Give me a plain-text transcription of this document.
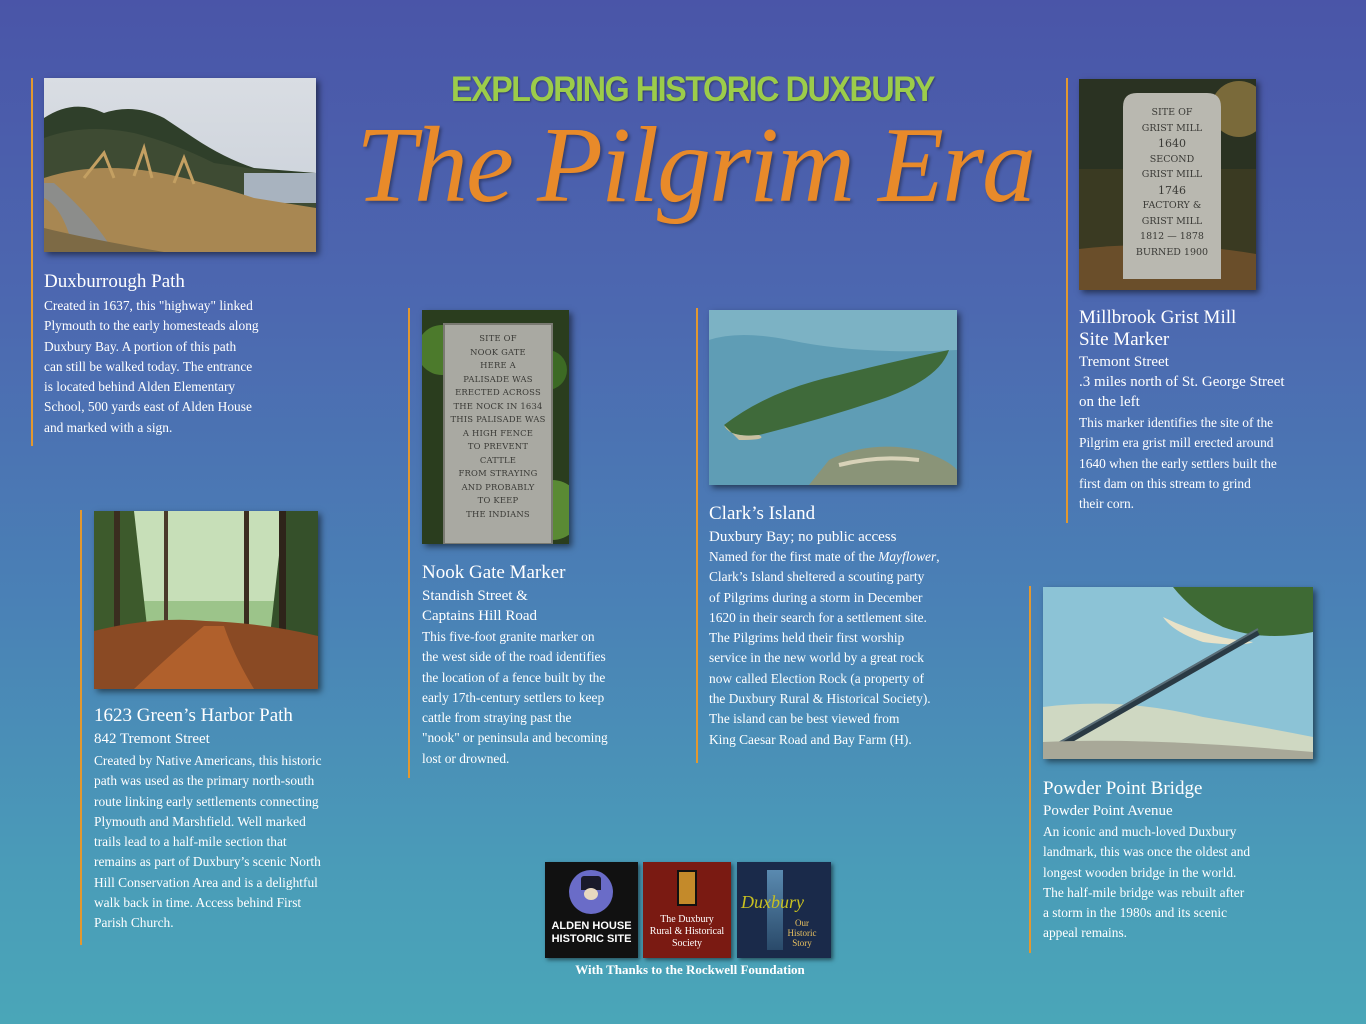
EXPLORING HISTORIC DUXBURY
The Pilgrim Era
Duxburrough Path
Created in 1637, this "highway" linked
Plymouth to the early homesteads along
Duxbury Bay. A portion of this path
can still be walked today. The entrance
is located behind Alden Elementary
School, 500 yards east of Alden House
and marked with a sign.
1623 Green’s Harbor Path
842 Tremont Street
Created by Native Americans, this historic
path was used as the primary north-south
route linking early settlements connecting
Plymouth and Marshfield. Well marked
trails lead to a half-mile section that
remains as part of Duxbury’s scenic North
Hill Conservation Area and is a delightful
walk back in time. Access behind First
Parish Church.
SITE OF
NOOK GATE
HERE A
PALISADE WAS
ERECTED ACROSS
THE NOCK IN 1634
THIS PALISADE WAS
A HIGH FENCE
TO PREVENT
CATTLE
FROM STRAYING
AND PROBABLY
TO KEEP
THE INDIANS
Nook Gate Marker
Standish Street &
Captains Hill Road
This five-foot granite marker on
the west side of the road identifies
the location of a fence built by the
early 17th-century settlers to keep
cattle from straying past the
"nook" or peninsula and becoming
lost or drowned.
Clark’s Island
Duxbury Bay; no public access
Named for the first mate of the Mayflower,
Clark’s Island sheltered a scouting party
of Pilgrims during a storm in December
1620 in their search for a settlement site.
The Pilgrims held their first worship
service in the new world by a great rock
now called Election Rock (a property of
the Duxbury Rural & Historical Society).
The island can be best viewed from
King Caesar Road and Bay Farm (H).
SITE OF
GRIST MILL
1640
SECOND
GRIST MILL
1746
FACTORY &
GRIST MILL
1812 — 1878
BURNED 1900
Millbrook Grist Mill
Site Marker
Tremont Street
.3 miles north of St. George Street
on the left
This marker identifies the site of the
Pilgrim era grist mill erected around
1640 when the early settlers built the
first dam on this stream to grind
their corn.
Powder Point Bridge
Powder Point Avenue
An iconic and much-loved Duxbury
landmark, this was once the oldest and
longest wooden bridge in the world.
The half-mile bridge was rebuilt after
a storm in the 1980s and its scenic
appeal remains.
ALDEN HOUSE
HISTORIC SITE
The Duxbury
Rural & Historical
Society
Duxbury
Our
Historic
Story
With Thanks to the Rockwell Foundation
